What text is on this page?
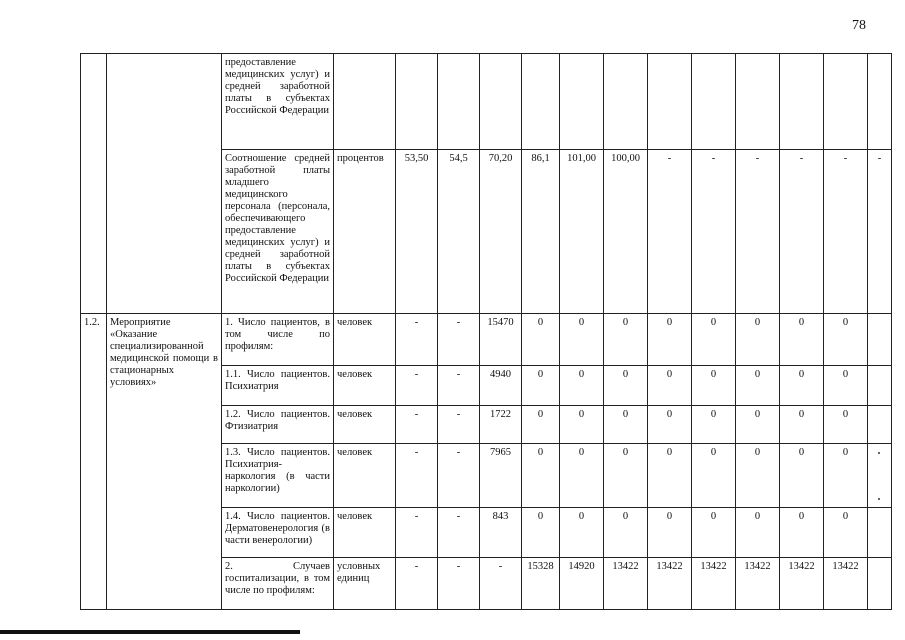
78
		предоставление медицинских услуг) и средней заработной платы в субъектах Российской Федерации													
		Соотношение средней заработной платы младшего медицинского персонала (персонала, обеспечивающего предоставление медицинских услуг) и средней заработной платы в субъектах Российской Федерации	процентов	53,50	54,5	70,20	86,1	101,00	100,00	-	-	-	-	-	-
1.2.	Мероприятие «Оказание специализированной медицинской помощи в стационарных условиях»	1. Число пациентов, в том числе по профилям:	человек	-	-	15470	0	0	0	0	0	0	0	0	
		1.1. Число пациентов. Психиатрия	человек	-	-	4940	0	0	0	0	0	0	0	0	
		1.2. Число пациентов. Фтизиатрия	человек	-	-	1722	0	0	0	0	0	0	0	0	
		1.3. Число пациентов. Психиатрия-наркология (в части наркологии)	человек	-	-	7965	0	0	0	0	0	0	0	0	
		1.4. Число пациентов. Дерматовенерология (в части венерологии)	человек	-	-	843	0	0	0	0	0	0	0	0	
		2. Случаев госпитализации, в том числе по профилям:	условных единиц	-	-	-	15328	14920	13422	13422	13422	13422	13422	13422	
